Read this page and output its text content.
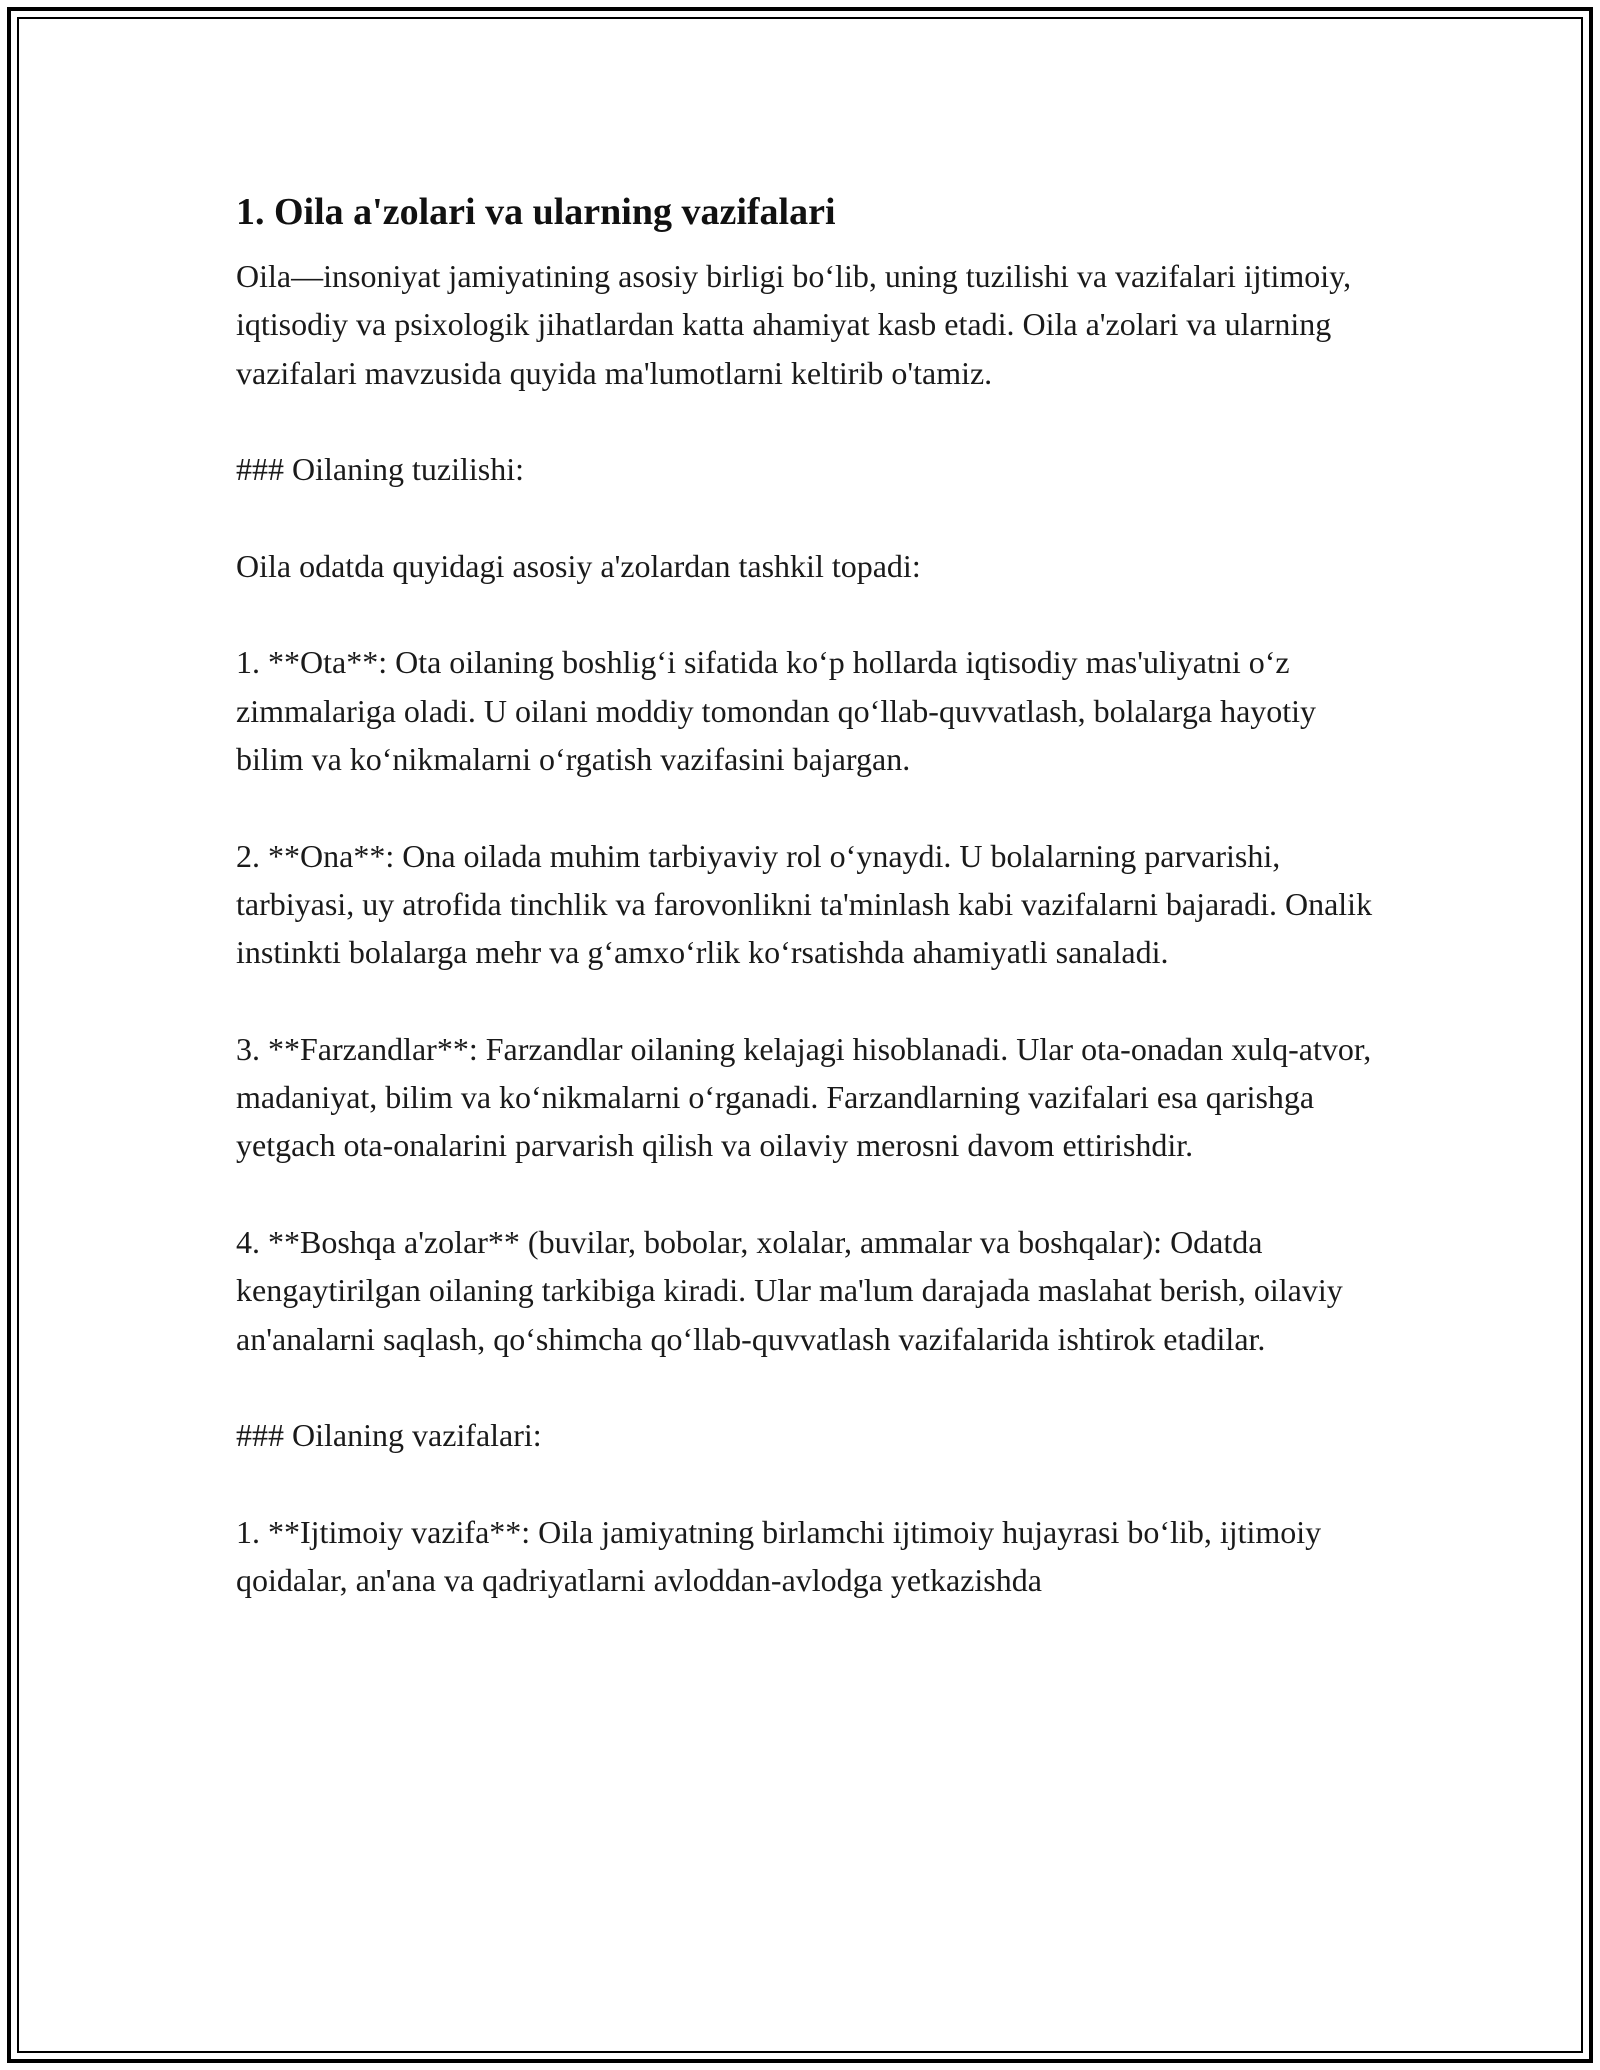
1. Oila a'zolari va ularning vazifalari

Oila—insoniyat jamiyatining asosiy birligi bo‘lib, uning tuzilishi va vazifalari ijtimoiy, iqtisodiy va psixologik jihatlardan katta ahamiyat kasb etadi. Oila a'zolari va ularning vazifalari mavzusida quyida ma'lumotlarni keltirib o'tamiz.

### Oilaning tuzilishi:

Oila odatda quyidagi asosiy a'zolardan tashkil topadi:

1. **Ota**: Ota oilaning boshlig‘i sifatida ko‘p hollarda iqtisodiy mas'uliyatni o‘z zimmalariga oladi. U oilani moddiy tomondan qo‘llab-quvvatlash, bolalarga hayotiy bilim va ko‘nikmalarni o‘rgatish vazifasini bajargan.

2. **Ona**: Ona oilada muhim tarbiyaviy rol o‘ynaydi. U bolalarning parvarishi, tarbiyasi, uy atrofida tinchlik va farovonlikni ta'minlash kabi vazifalarni bajaradi. Onalik instinkti bolalarga mehr va g‘amxo‘rlik ko‘rsatishda ahamiyatli sanaladi.

3. **Farzandlar**: Farzandlar oilaning kelajagi hisoblanadi. Ular ota-onadan xulq-atvor, madaniyat, bilim va ko‘nikmalarni o‘rganadi. Farzandlarning vazifalari esa qarishga yetgach ota-onalarini parvarish qilish va oilaviy merosni davom ettirishdir.

4. **Boshqa a'zolar** (buvilar, bobolar, xolalar, ammalar va boshqalar): Odatda kengaytirilgan oilaning tarkibiga kiradi. Ular ma'lum darajada maslahat berish, oilaviy an'analarni saqlash, qo‘shimcha qo‘llab-quvvatlash vazifalarida ishtirok etadilar.

### Oilaning vazifalari:

1. **Ijtimoiy vazifa**: Oila jamiyatning birlamchi ijtimoiy hujayrasi bo‘lib, ijtimoiy qoidalar, an'ana va qadriyatlarni avloddan-avlodga yetkazishda
